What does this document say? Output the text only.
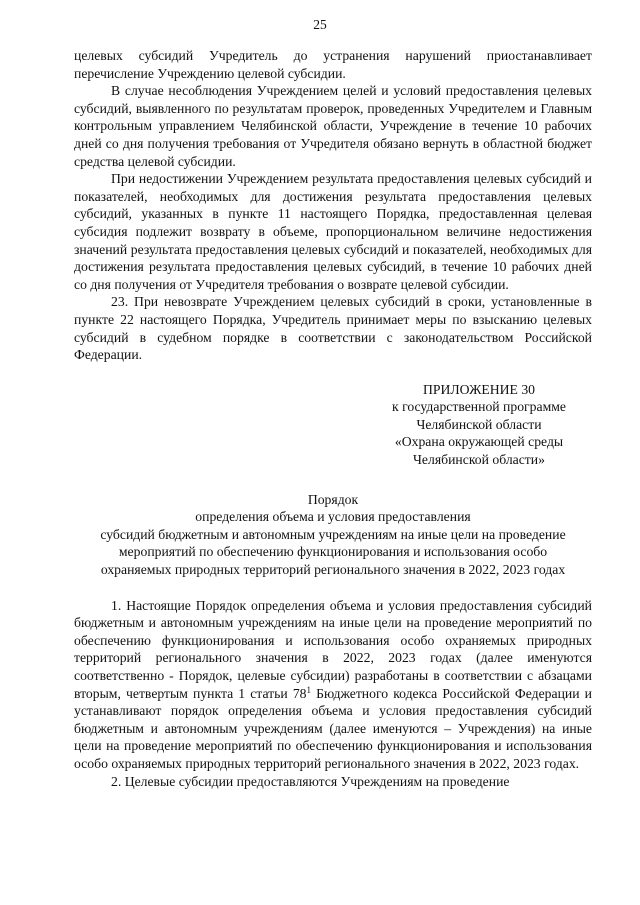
25

целевых субсидий Учредитель до устранения нарушений приостанавливает перечисление Учреждению целевой субсидии.

В случае несоблюдения Учреждением целей и условий предоставления целевых субсидий, выявленного по результатам проверок, проведенных Учредителем и Главным контрольным управлением Челябинской области, Учреждение в течение 10 рабочих дней со дня получения требования от Учредителя обязано вернуть в областной бюджет средства целевой субсидии.

При недостижении Учреждением результата предоставления целевых субсидий и показателей, необходимых для достижения результата предоставления целевых субсидий, указанных в пункте 11 настоящего Порядка, предоставленная целевая субсидия подлежит возврату в объеме, пропорциональном величине недостижения значений результата предоставления целевых субсидий и показателей, необходимых для достижения результата предоставления целевых субсидий, в течение 10 рабочих дней со дня получения от Учредителя требования о возврате целевой субсидии.

23. При невозврате Учреждением целевых субсидий в сроки, установленные в пункте 22 настоящего Порядка, Учредитель принимает меры по взысканию целевых субсидий в судебном порядке в соответствии с законодательством Российской Федерации.

ПРИЛОЖЕНИЕ 30
к государственной программе
Челябинской области
«Охрана окружающей среды
Челябинской области»
Порядок
определения объема и условия предоставления
субсидий бюджетным и автономным учреждениям на иные цели на проведение
мероприятий по обеспечению функционирования и использования особо
охраняемых природных территорий регионального значения в 2022, 2023 годах

1. Настоящие Порядок определения объема и условия предоставления субсидий бюджетным и автономным учреждениям на иные цели на проведение мероприятий по обеспечению функционирования и использования особо охраняемых природных территорий регионального значения в 2022, 2023 годах (далее именуются соответственно - Порядок, целевые субсидии) разработаны в соответствии с абзацами вторым, четвертым пункта 1 статьи $78^1$ Бюджетного кодекса Российской Федерации и устанавливают порядок определения объема и условия предоставления субсидий бюджетным и автономным учреждениям (далее именуются – Учреждения) на иные цели на проведение мероприятий по обеспечению функционирования и использования особо охраняемых природных территорий регионального значения в 2022, 2023 годах.

2. Целевые субсидии предоставляются Учреждениям на проведение
